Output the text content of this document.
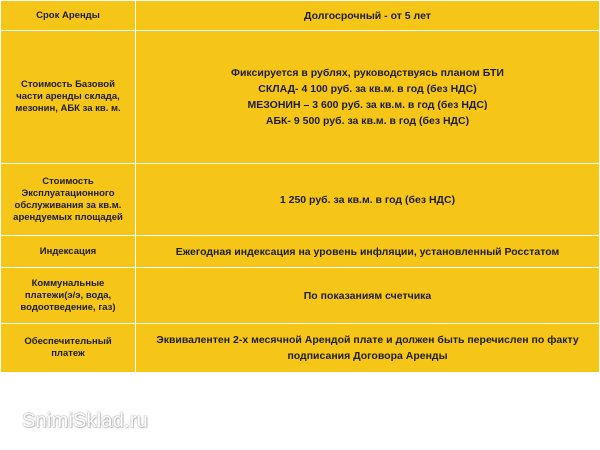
Срок Аренды	Долгосрочный - от 5 лет

Стоимость Базовой части аренды склада, мезонин, АБК за кв. м.	Фиксируется в рублях, руководствуясь планом БТИ
СКЛАД- 4 100 руб. за кв.м. в год (без НДС)
МЕЗОНИН – 3 600 руб. за кв.м. в год (без НДС)
АБК- 9 500 руб. за кв.м. в год (без НДС)

Стоимость Эксплуатационного обслуживания за кв.м. арендуемых площадей	1 250 руб. за кв.м. в год (без НДС)

Индексация	Ежегодная индексация на уровень инфляции, установленный Росстатом

Коммунальные платежи(э/э, вода, водоотведение, газ)	По показаниям счетчика

Обеспечительный платеж	Эквивалентен 2-х месячной Арендой плате и должен быть перечислен по факту
подписания Договора Аренды
SnimiSklad.ru
